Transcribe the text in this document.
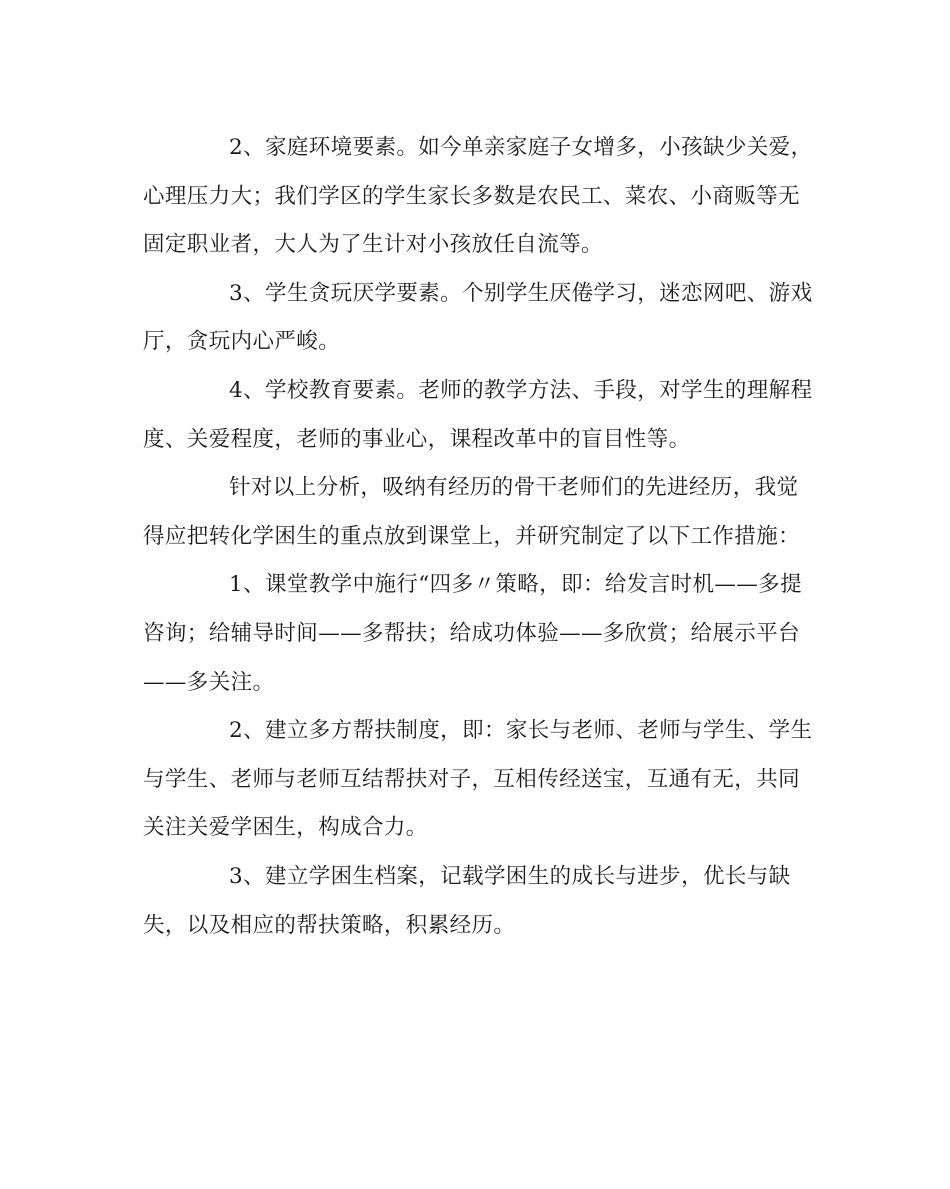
2、家庭环境要素。如今单亲家庭子女增多，小孩缺少关爱，
心理压力大；我们学区的学生家长多数是农民工、菜农、小商贩等无
固定职业者，大人为了生计对小孩放任自流等。

3、学生贪玩厌学要素。个别学生厌倦学习，迷恋网吧、游戏
厅，贪玩内心严峻。

4、学校教育要素。老师的教学方法、手段，对学生的理解程
度、关爱程度，老师的事业心，课程改革中的盲目性等。

针对以上分析，吸纳有经历的骨干老师们的先进经历，我觉
得应把转化学困生的重点放到课堂上，并研究制定了以下工作措施：

1、课堂教学中施行“四多〃策略，即：给发言时机——多提
咨询；给辅导时间——多帮扶；给成功体验——多欣赏；给展示平台
——多关注。

2、建立多方帮扶制度，即：家长与老师、老师与学生、学生
与学生、老师与老师互结帮扶对子，互相传经送宝，互通有无，共同
关注关爱学困生，构成合力。

3、建立学困生档案，记载学困生的成长与进步，优长与缺
失，以及相应的帮扶策略，积累经历。
